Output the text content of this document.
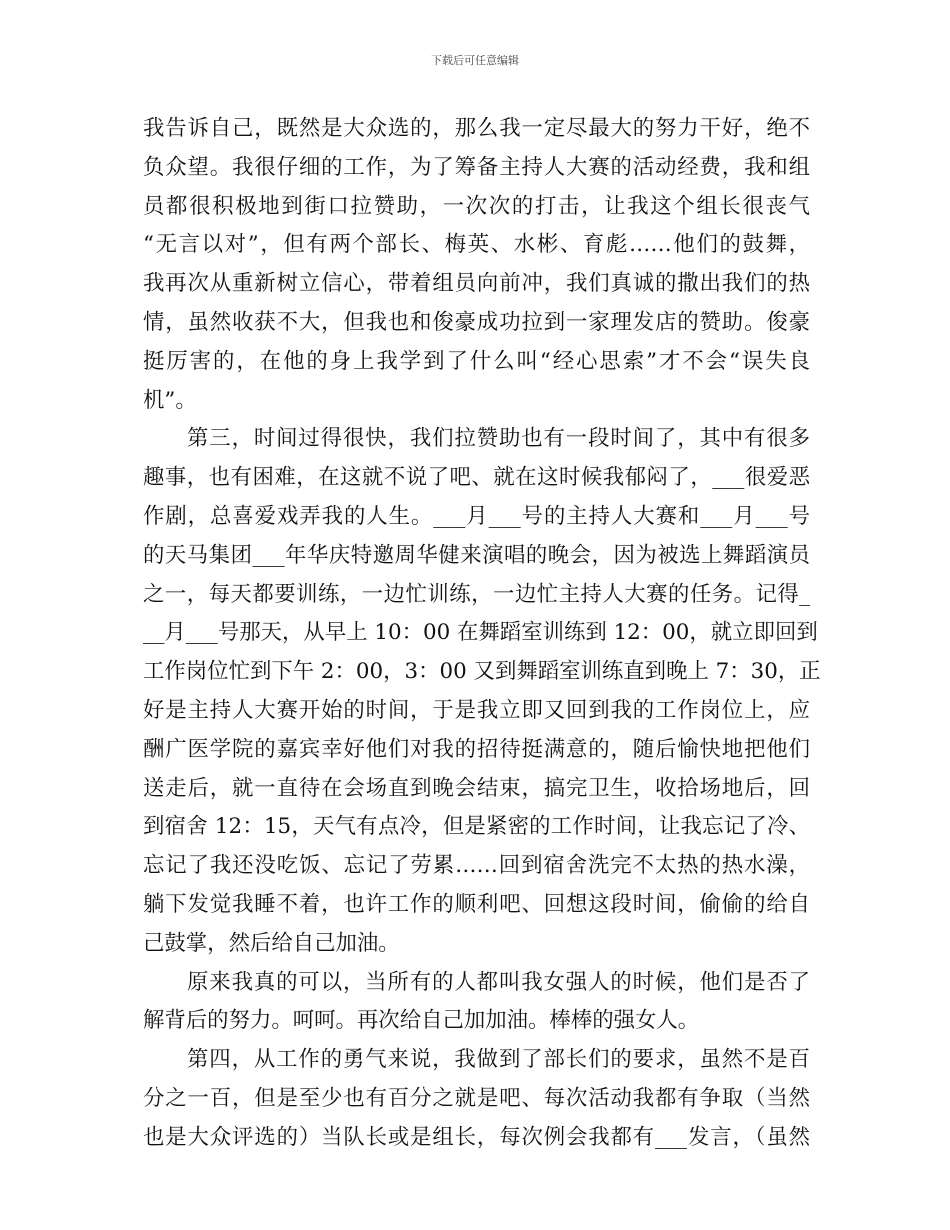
下载后可任意编辑
我告诉自己，既然是大众选的，那么我一定尽最大的努力干好，绝不
负众望。我很仔细的工作，为了筹备主持人大赛的活动经费，我和组
员都很积极地到街口拉赞助，一次次的打击，让我这个组长很丧气
“无言以对”，但有两个部长、梅英、水彬、育彪……他们的鼓舞，
我再次从重新树立信心，带着组员向前冲，我们真诚的撒出我们的热
情，虽然收获不大，但我也和俊豪成功拉到一家理发店的赞助。俊豪
挺厉害的，在他的身上我学到了什么叫“经心思索”才不会“误失良
机”。
第三，时间过得很快，我们拉赞助也有一段时间了，其中有很多
趣事，也有困难，在这就不说了吧、就在这时候我郁闷了，___很爱恶
作剧，总喜爱戏弄我的人生。___月___号的主持人大赛和___月___号
的天马集团___年华庆特邀周华健来演唱的晚会，因为被选上舞蹈演员
之一，每天都要训练，一边忙训练，一边忙主持人大赛的任务。记得_
__月___号那天，从早上 10：00 在舞蹈室训练到 12：00，就立即回到
工作岗位忙到下午 2：00，3：00 又到舞蹈室训练直到晚上 7：30，正
好是主持人大赛开始的时间，于是我立即又回到我的工作岗位上，应
酬广医学院的嘉宾幸好他们对我的招待挺满意的，随后愉快地把他们
送走后，就一直待在会场直到晚会结束，搞完卫生，收拾场地后，回
到宿舍 12：15，天气有点冷，但是紧密的工作时间，让我忘记了冷、
忘记了我还没吃饭、忘记了劳累……回到宿舍洗完不太热的热水澡，
躺下发觉我睡不着，也许工作的顺利吧、回想这段时间，偷偷的给自
己鼓掌，然后给自己加油。
原来我真的可以，当所有的人都叫我女强人的时候，他们是否了
解背后的努力。呵呵。再次给自己加加油。棒棒的强女人。
第四，从工作的勇气来说，我做到了部长们的要求，虽然不是百
分之一百，但是至少也有百分之就是吧、每次活动我都有争取（当然
也是大众评选的）当队长或是组长，每次例会我都有___发言，（虽然
